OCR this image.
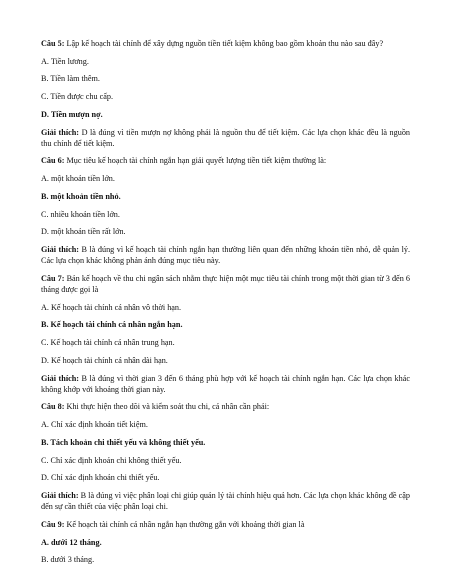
Câu 5: Lập kế hoạch tài chính để xây dựng nguồn tiền tiết kiệm không bao gồm khoản thu nào sau đây?
A. Tiền lương.
B. Tiền làm thêm.
C. Tiền được chu cấp.
D. Tiền mượn nợ.
Giải thích: D là đúng vì tiền mượn nợ không phải là nguồn thu để tiết kiệm. Các lựa chọn khác đều là nguồn thu chính để tiết kiệm.
Câu 6: Mục tiêu kế hoạch tài chính ngắn hạn giải quyết lượng tiền tiết kiệm thường là:
A. một khoản tiền lớn.
B. một khoản tiền nhỏ.
C. nhiều khoản tiền lớn.
D. một khoản tiền rất lớn.
Giải thích: B là đúng vì kế hoạch tài chính ngắn hạn thường liên quan đến những khoản tiền nhỏ, dễ quản lý. Các lựa chọn khác không phản ánh đúng mục tiêu này.
Câu 7: Bản kế hoạch về thu chi ngân sách nhằm thực hiện một mục tiêu tài chính trong một thời gian từ 3 đến 6 tháng được gọi là
A. Kế hoạch tài chính cá nhân vô thời hạn.
B. Kế hoạch tài chính cá nhân ngắn hạn.
C. Kế hoạch tài chính cá nhân trung hạn.
D. Kế hoạch tài chính cá nhân dài hạn.
Giải thích: B là đúng vì thời gian 3 đến 6 tháng phù hợp với kế hoạch tài chính ngắn hạn. Các lựa chọn khác không khớp với khoảng thời gian này.
Câu 8: Khi thực hiện theo dõi và kiểm soát thu chi, cá nhân cần phải:
A. Chỉ xác định khoản tiết kiệm.
B. Tách khoản chi thiết yếu và không thiết yếu.
C. Chỉ xác định khoản chi không thiết yếu.
D. Chỉ xác định khoản chi thiết yếu.
Giải thích: B là đúng vì việc phân loại chi giúp quản lý tài chính hiệu quả hơn. Các lựa chọn khác không đề cập đến sự cần thiết của việc phân loại chi.
Câu 9: Kế hoạch tài chính cá nhân ngắn hạn thường gắn với khoảng thời gian là
A. dưới 12 tháng.
B. dưới 3 tháng.
